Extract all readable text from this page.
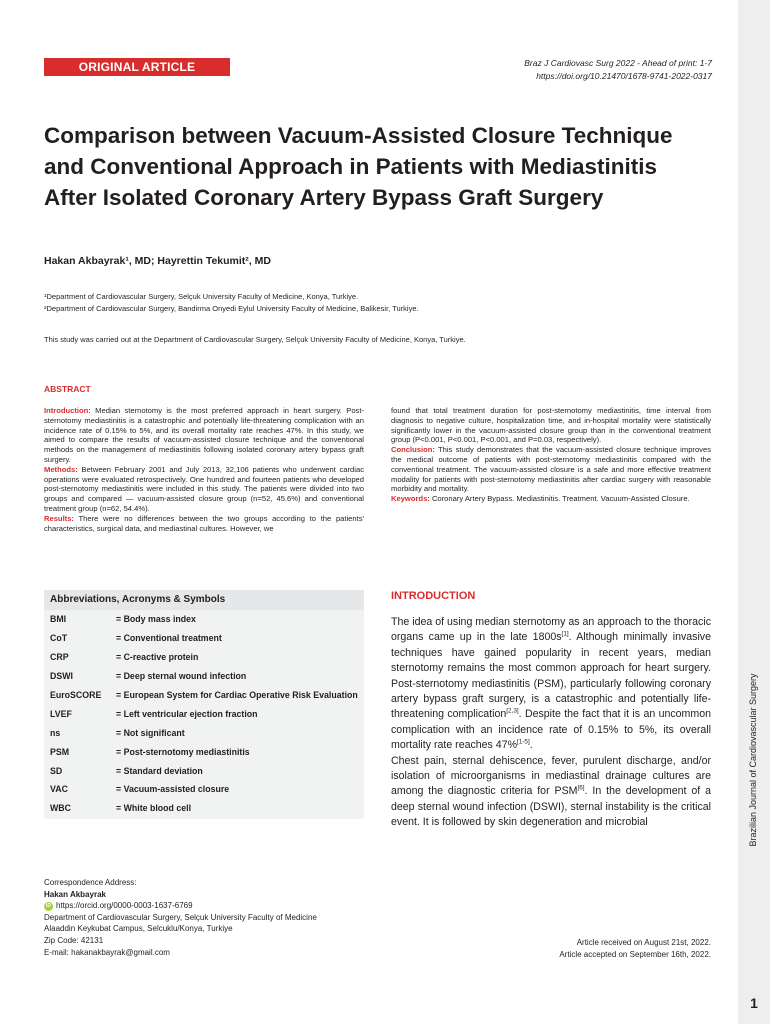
Brazilian Journal of Cardiovascular Surgery
1
ORIGINAL ARTICLE	Braz J Cardiovasc Surg 2022 - Ahead of print: 1-7
https://doi.org/10.21470/1678-9741-2022-0317
Comparison between Vacuum-Assisted Closure Technique and Conventional Approach in Patients with Mediastinitis After Isolated Coronary Artery Bypass Graft Surgery
Hakan Akbayrak¹, MD; Hayrettin Tekumit², MD
¹Department of Cardiovascular Surgery, Selçuk University Faculty of Medicine, Konya, Turkiye.
²Department of Cardiovascular Surgery, Bandirma Onyedi Eylul University Faculty of Medicine, Balikesir, Turkiye.
This study was carried out at the Department of Cardiovascular Surgery, Selçuk University Faculty of Medicine, Konya, Turkiye.
ABSTRACT

Introduction: Median sternotomy is the most preferred approach in heart surgery. Post-sternotomy mediastinitis is a catastrophic and potentially life-threatening complication with an incidence rate of 0.15% to 5%, and its overall mortality rate reaches 47%. In this study, we aimed to compare the results of vacuum-assisted closure technique and the conventional methods on the management of mediastinitis following isolated coronary artery bypass graft surgery.

Methods: Between February 2001 and July 2013, 32,106 patients who underwent cardiac operations were evaluated retrospectively. One hundred and fourteen patients who developed post-sternotomy mediastinitis were included in this study. The patients were divided into two groups and compared — vacuum-assisted closure group (n=52, 45.6%) and conventional treatment group (n=62, 54.4%).

Results: There were no differences between the two groups according to the patients' characteristics, surgical data, and mediastinal cultures. However, we

found that total treatment duration for post-sternotomy mediastinitis, time interval from diagnosis to negative culture, hospitalization time, and in-hospital mortality were statistically significantly lower in the vacuum-assisted closure group than in the conventional treatment group (P<0.001, P<0.001, P<0.001, and P=0.03, respectively).

Conclusion: This study demonstrates that the vacuum-assisted closure technique improves the medical outcome of patients with post-sternotomy mediastinitis compared with the conventional treatment. The vacuum-assisted closure is a safe and more effective treatment modality for patients with post-sternotomy mediastinitis after cardiac surgery with reasonable morbidity and mortality.

Keywords: Coronary Artery Bypass. Mediastinitis. Treatment. Vacuum-Assisted Closure.

Abbreviations, Acronyms & Symbols
BMI	= Body mass index
CoT	= Conventional treatment
CRP	= C-reactive protein
DSWI	= Deep sternal wound infection
EuroSCORE	= European System for Cardiac Operative Risk Evaluation
LVEF	= Left ventricular ejection fraction
ns	= Not significant
PSM	= Post-sternotomy mediastinitis
SD	= Standard deviation
VAC	= Vacuum-assisted closure
WBC	= White blood cell
INTRODUCTION

The idea of using median sternotomy as an approach to the thoracic organs came up in the late 1800s[1]. Although minimally invasive techniques have gained popularity in recent years, median sternotomy remains the most common approach for heart surgery. Post-sternotomy mediastinitis (PSM), particularly following coronary artery bypass graft surgery, is a catastrophic and potentially life-threatening complication[2,3]. Despite the fact that it is an uncommon complication with an incidence rate of 0.15% to 5%, its overall mortality rate reaches 47%[1-5].

Chest pain, sternal dehiscence, fever, purulent discharge, and/or isolation of microorganisms in mediastinal drainage cultures are among the diagnostic criteria for PSM[6]. In the development of a deep sternal wound infection (DSWI), sternal instability is the critical event. It is followed by skin degeneration and microbial

Correspondence Address:
Hakan Akbayrak
iD https://orcid.org/0000-0003-1637-6769
Department of Cardiovascular Surgery, Selçuk University Faculty of Medicine
Alaaddin Keykubat Campus, Selcuklu/Konya, Turkiye
Zip Code: 42131
E-mail: hakanakbayrak@gmail.com
Article received on August 21st, 2022.
Article accepted on September 16th, 2022.
